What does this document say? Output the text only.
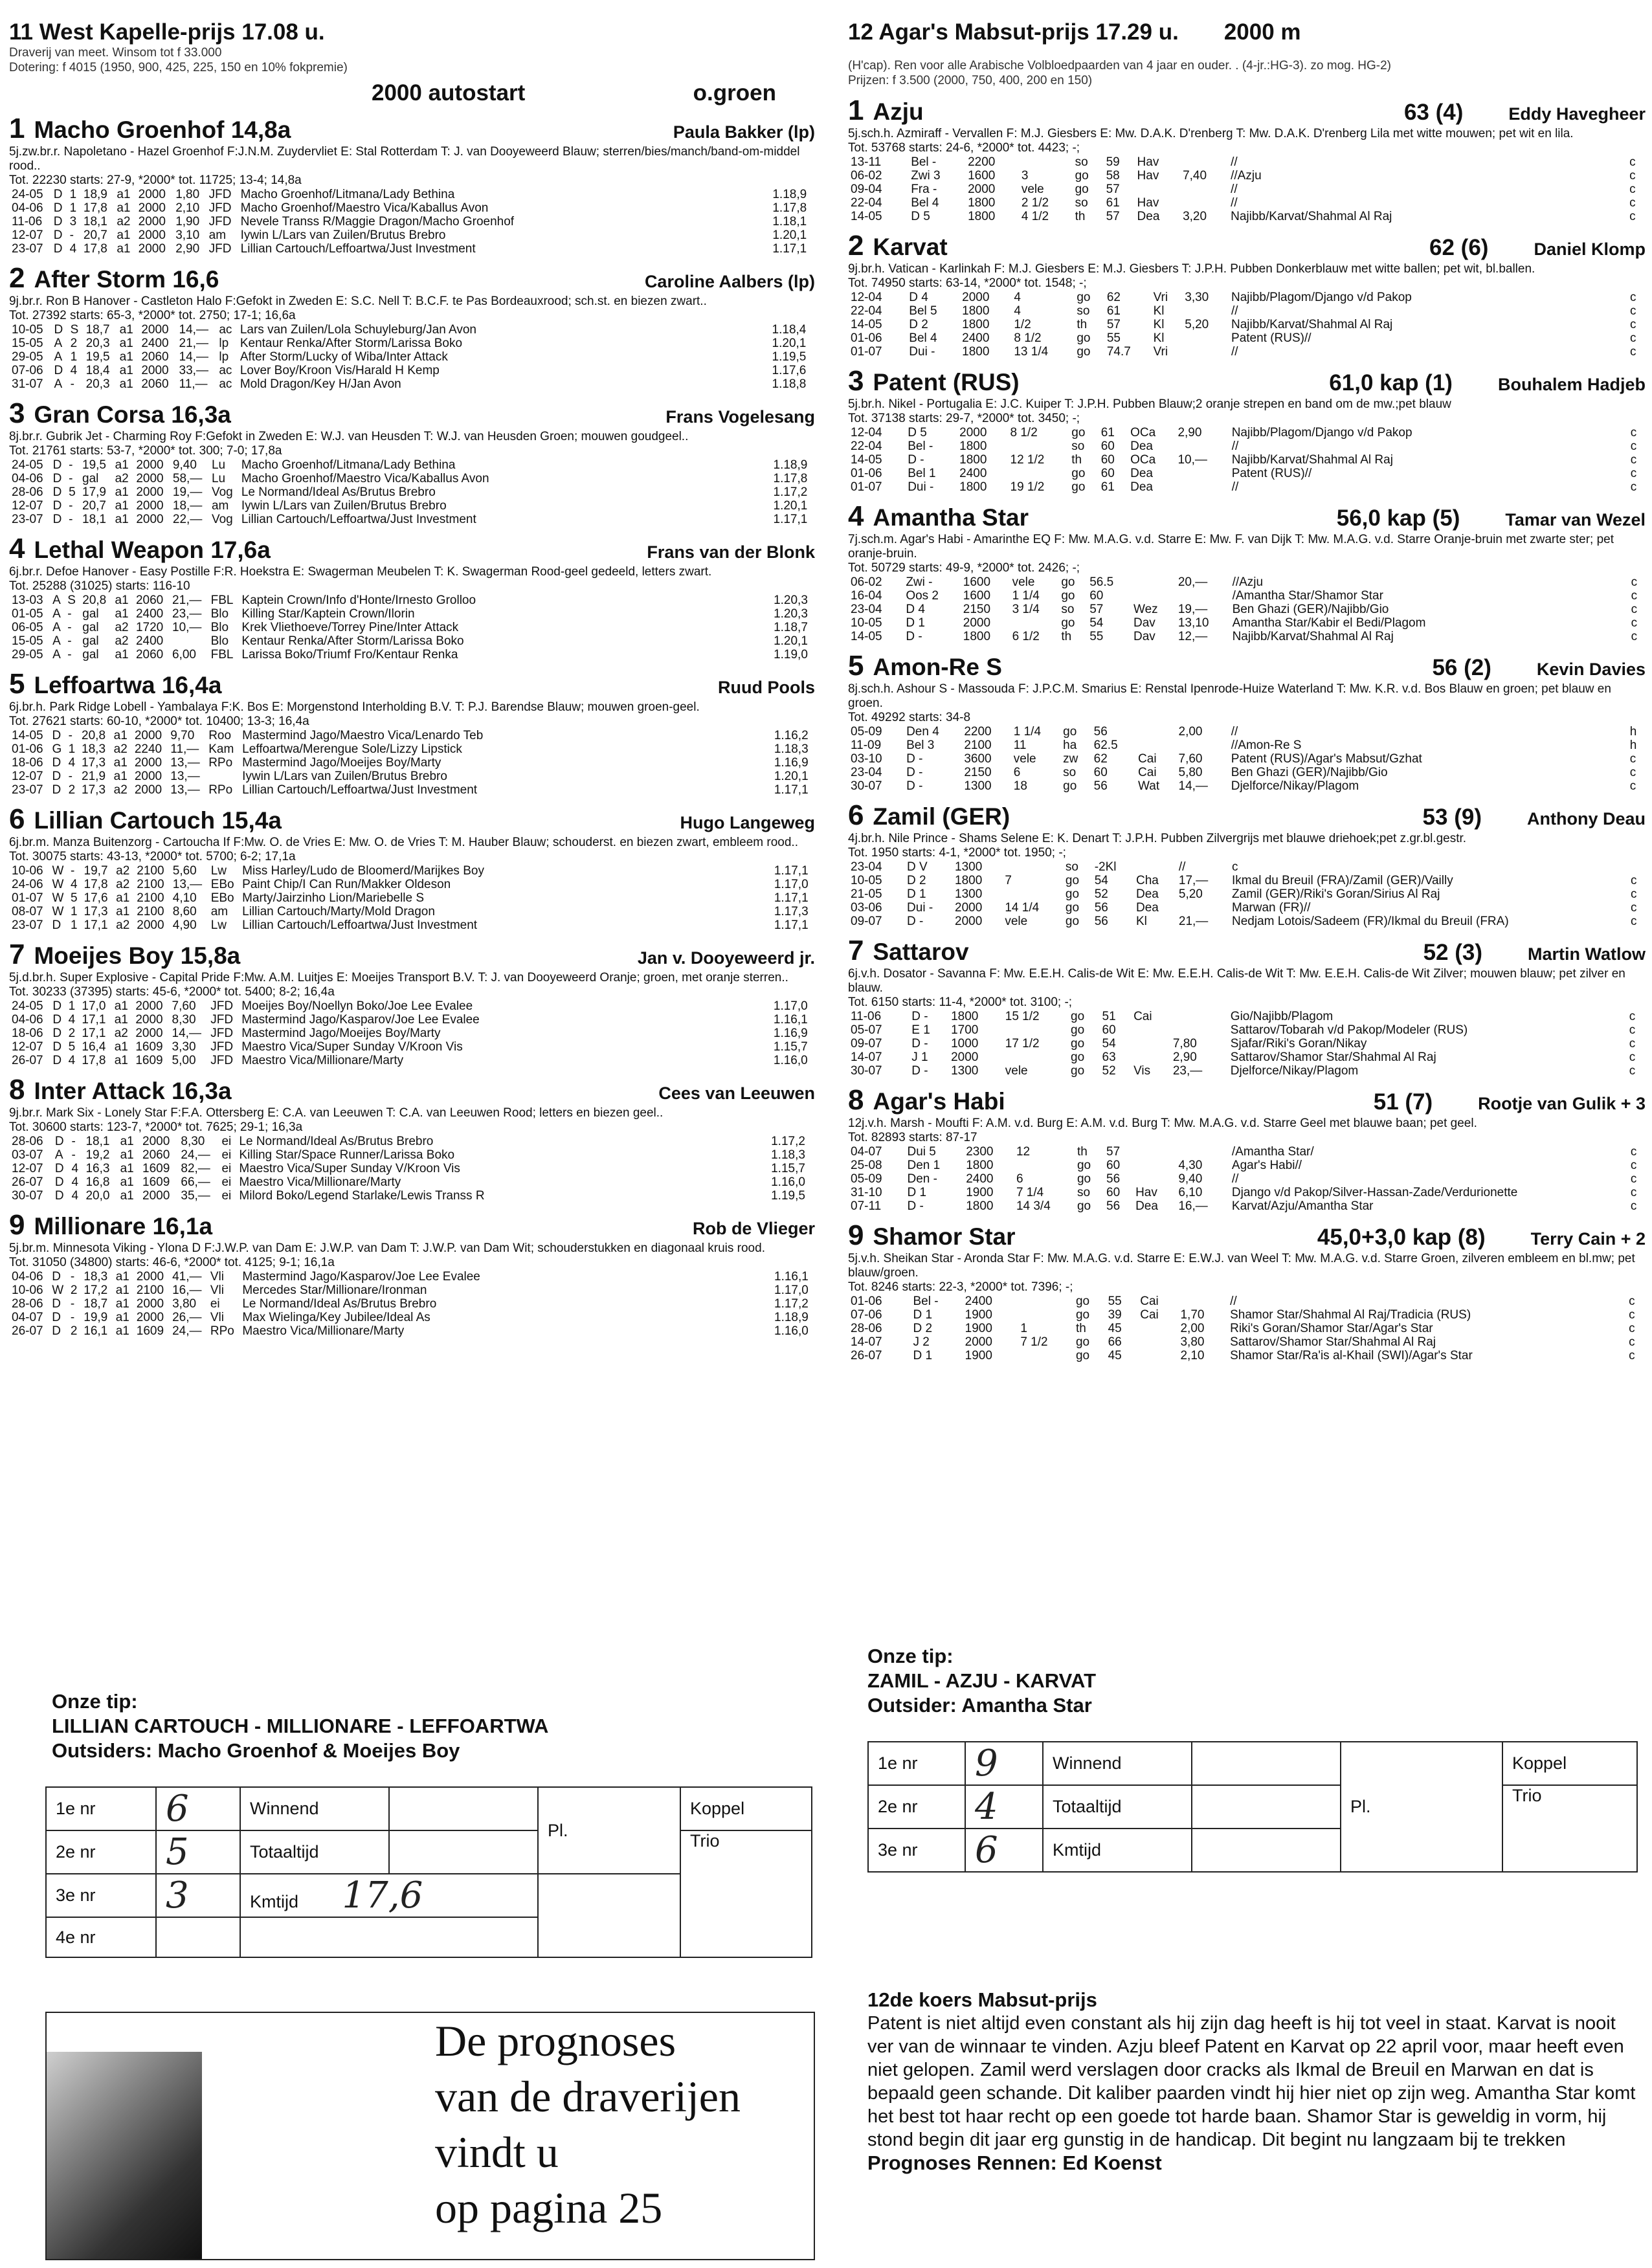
11 West Kapelle-prijs 17.08 u.
Draverij van meet. Winsom tot f 33.000
Dotering: f 4015 (1950, 900, 425, 225, 150 en 10% fokpremie)
2000 autostart	o.groen
1 Macho Groenhof 14,8a	Paula Bakker (lp)
5j.zw.br.r. Napoletano - Hazel Groenhof F:J.N.M. Zuydervliet E: Stal Rotterdam T: J. van Dooyeweerd Blauw; sterren/bies/manch/band-om-middel rood..
Tot. 22230 starts: 27-9, *2000* tot. 11725; 13-4; 14,8a
24-05	D	1	18,9	a1	2000	1,80	JFD	Macho Groenhof/Litmana/Lady Bethina	1.18,9
04-06	D	1	17,8	a1	2000	2,10	JFD	Macho Groenhof/Maestro Vica/Kaballus Avon	1.17,8
11-06	D	3	18,1	a2	2000	1,90	JFD	Nevele Transs R/Maggie Dragon/Macho Groenhof	1.18,1
12-07	D	-	20,7	a1	2000	3,10	am	Iywin L/Lars van Zuilen/Brutus Brebro	1.20,1
23-07	D	4	17,8	a1	2000	2,90	JFD	Lillian Cartouch/Leffoartwa/Just Investment	1.17,1
2 After Storm 16,6	Caroline Aalbers (lp)
9j.br.r. Ron B Hanover - Castleton Halo F:Gefokt in Zweden E: S.C. Nell T: B.C.F. te Pas Bordeauxrood; sch.st. en biezen zwart..
Tot. 27392 starts: 65-3, *2000* tot. 2750; 17-1; 16,6a
10-05	D	S	18,7	a1	2000	14,—	ac	Lars van Zuilen/Lola Schuyleburg/Jan Avon	1.18,4
15-05	A	2	20,3	a1	2400	21,—	lp	Kentaur Renka/After Storm/Larissa Boko	1.20,1
29-05	A	1	19,5	a1	2060	14,—	lp	After Storm/Lucky of Wiba/Inter Attack	1.19,5
07-06	D	4	18,4	a1	2000	33,—	ac	Lover Boy/Kroon Vis/Harald H Kemp	1.17,6
31-07	A	-	20,3	a1	2060	11,—	ac	Mold Dragon/Key H/Jan Avon	1.18,8
3 Gran Corsa 16,3a	Frans Vogelesang
8j.br.r. Gubrik Jet - Charming Roy F:Gefokt in Zweden E: W.J. van Heusden T: W.J. van Heusden Groen; mouwen goudgeel..
Tot. 21761 starts: 53-7, *2000* tot. 300; 7-0; 17,8a
24-05	D	-	19,5	a1	2000	9,40	Lu	Macho Groenhof/Litmana/Lady Bethina	1.18,9
04-06	D	-	gal	a2	2000	58,—	Lu	Macho Groenhof/Maestro Vica/Kaballus Avon	1.17,8
28-06	D	5	17,9	a1	2000	19,—	Vog	Le Normand/Ideal As/Brutus Brebro	1.17,2
12-07	D	-	20,7	a1	2000	18,—	am	Iywin L/Lars van Zuilen/Brutus Brebro	1.20,1
23-07	D	-	18,1	a1	2000	22,—	Vog	Lillian Cartouch/Leffoartwa/Just Investment	1.17,1
4 Lethal Weapon 17,6a	Frans van der Blonk
6j.br.r. Defoe Hanover - Easy Postille F:R. Hoekstra E: Swagerman Meubelen T: K. Swagerman Rood-geel gedeeld, letters zwart.
Tot. 25288 (31025) starts: 116-10
13-03	A	S	20,8	a1	2060	21,—	FBL	Kaptein Crown/Info d'Honte/Irnesto Grolloo	1.20,3
01-05	A	-	gal	a1	2400	23,—	Blo	Killing Star/Kaptein Crown/Ilorin	1.20,3
06-05	A	-	gal	a2	1720	10,—	Blo	Krek Vliethoeve/Torrey Pine/Inter Attack	1.18,7
15-05	A	-	gal	a2	2400		Blo	Kentaur Renka/After Storm/Larissa Boko	1.20,1
29-05	A	-	gal	a1	2060	6,00	FBL	Larissa Boko/Triumf Fro/Kentaur Renka	1.19,0
5 Leffoartwa 16,4a	Ruud Pools
6j.br.h. Park Ridge Lobell - Yambalaya F:K. Bos E: Morgenstond Interholding B.V. T: P.J. Barendse Blauw; mouwen groen-geel.
Tot. 27621 starts: 60-10, *2000* tot. 10400; 13-3; 16,4a
14-05	D	-	20,8	a1	2000	9,70	Roo	Mastermind Jago/Maestro Vica/Lenardo Teb	1.16,2
01-06	G	1	18,3	a2	2240	11,—	Kam	Leffoartwa/Merengue Sole/Lizzy Lipstick	1.18,3
18-06	D	4	17,3	a1	2000	13,—	RPo	Mastermind Jago/Moeijes Boy/Marty	1.16,9
12-07	D	-	21,9	a1	2000	13,—		Iywin L/Lars van Zuilen/Brutus Brebro	1.20,1
23-07	D	2	17,3	a2	2000	13,—	RPo	Lillian Cartouch/Leffoartwa/Just Investment	1.17,1
6 Lillian Cartouch 15,4a	Hugo Langeweg
6j.br.m. Manza Buitenzorg - Cartoucha If F:Mw. O. de Vries E: Mw. O. de Vries T: M. Hauber Blauw; schouderst. en biezen zwart, embleem rood..
Tot. 30075 starts: 43-13, *2000* tot. 5700; 6-2; 17,1a
10-06	W	-	19,7	a2	2100	5,60	Lw	Miss Harley/Ludo de Bloomerd/Marijkes Boy	1.17,1
24-06	W	4	17,8	a2	2100	13,—	EBo	Paint Chip/I Can Run/Makker Oldeson	1.17,0
01-07	W	5	17,6	a1	2100	4,10	EBo	Marty/Jairzinho Lion/Mariebelle S	1.17,1
08-07	W	1	17,3	a1	2100	8,60	am	Lillian Cartouch/Marty/Mold Dragon	1.17,3
23-07	D	1	17,1	a2	2000	4,90	Lw	Lillian Cartouch/Leffoartwa/Just Investment	1.17,1
7 Moeijes Boy 15,8a	Jan v. Dooyeweerd jr.
5j.d.br.h. Super Explosive - Capital Pride F:Mw. A.M. Luitjes E: Moeijes Transport B.V. T: J. van Dooyeweerd Oranje; groen, met oranje sterren..
Tot. 30233 (37395) starts: 45-6, *2000* tot. 5400; 8-2; 16,4a
24-05	D	1	17,0	a1	2000	7,60	JFD	Moeijes Boy/Noellyn Boko/Joe Lee Evalee	1.17,0
04-06	D	4	17,1	a1	2000	8,30	JFD	Mastermind Jago/Kasparov/Joe Lee Evalee	1.16,1
18-06	D	2	17,1	a2	2000	14,—	JFD	Mastermind Jago/Moeijes Boy/Marty	1.16,9
12-07	D	5	16,4	a1	1609	3,30	JFD	Maestro Vica/Super Sunday V/Kroon Vis	1.15,7
26-07	D	4	17,8	a1	1609	5,00	JFD	Maestro Vica/Millionare/Marty	1.16,0
8 Inter Attack 16,3a	Cees van Leeuwen
9j.br.r. Mark Six - Lonely Star F:F.A. Ottersberg E: C.A. van Leeuwen T: C.A. van Leeuwen Rood; letters en biezen geel..
Tot. 30600 starts: 123-7, *2000* tot. 7625; 29-1; 16,3a
28-06	D	-	18,1	a1	2000	8,30	ei	Le Normand/Ideal As/Brutus Brebro	1.17,2
03-07	A	-	19,2	a1	2060	24,—	ei	Killing Star/Space Runner/Larissa Boko	1.18,3
12-07	D	4	16,3	a1	1609	82,—	ei	Maestro Vica/Super Sunday V/Kroon Vis	1.15,7
26-07	D	4	16,8	a1	1609	66,—	ei	Maestro Vica/Millionare/Marty	1.16,0
30-07	D	4	20,0	a1	2000	35,—	ei	Milord Boko/Legend Starlake/Lewis Transs R	1.19,5
9 Millionare 16,1a	Rob de Vlieger
5j.br.m. Minnesota Viking - Ylona D F:J.W.P. van Dam E: J.W.P. van Dam T: J.W.P. van Dam Wit; schouderstukken en diagonaal kruis rood.
Tot. 31050 (34800) starts: 46-6, *2000* tot. 4125; 9-1; 16,1a
04-06	D	-	18,3	a1	2000	41,—	Vli	Mastermind Jago/Kasparov/Joe Lee Evalee	1.16,1
10-06	W	2	17,2	a1	2100	16,—	Vli	Mercedes Star/Millionare/Ironman	1.17,0
28-06	D	-	18,7	a1	2000	3,80	ei	Le Normand/Ideal As/Brutus Brebro	1.17,2
04-07	D	-	19,9	a1	2000	26,—	Vli	Max Wielinga/Key Jubilee/Ideal As	1.18,9
26-07	D	2	16,1	a1	1609	24,—	RPo	Maestro Vica/Millionare/Marty	1.16,0
Onze tip:
LILLIAN CARTOUCH - MILLIONARE - LEFFOARTWA
Outsiders: Macho Groenhof & Moeijes Boy
1e nr	6	Winnend		Pl.	Koppel
2e nr	5	Totaaltijd			Trio
3e nr	3	Kmtijd 17,6			
4e nr					
12 Agar's Mabsut-prijs 17.29 u. 2000 m
(H'cap). Ren voor alle Arabische Volbloedpaarden van 4 jaar en ouder. . (4-jr.:HG-3). zo mog. HG-2)
Prijzen: f 3.500 (2000, 750, 400, 200 en 150)
1 Azju	63 (4)	Eddy Havegheer
5j.sch.h. Azmiraff - Vervallen F: M.J. Giesbers E: Mw. D.A.K. D'renberg T: Mw. D.A.K. D'renberg Lila met witte mouwen; pet wit en lila.
Tot. 53768 starts: 24-6, *2000* tot. 4423; -;
13-11	Bel -	2200		so	59	Hav		//	c
06-02	Zwi 3	1600	3	go	58	Hav	7,40	//Azju	c
09-04	Fra -	2000	vele	go	57			//	c
22-04	Bel 4	1800	2 1/2	so	61	Hav		//	c
14-05	D 5	1800	4 1/2	th	57	Dea	3,20	Najibb/Karvat/Shahmal Al Raj	c
2 Karvat	62 (6)	Daniel Klomp
9j.br.h. Vatican - Karlinkah F: M.J. Giesbers E: M.J. Giesbers T: J.P.H. Pubben Donkerblauw met witte ballen; pet wit, bl.ballen.
Tot. 74950 starts: 63-14, *2000* tot. 1548; -;
12-04	D 4	2000	4	go	62	Vri	3,30	Najibb/Plagom/Django v/d Pakop	c
22-04	Bel 5	1800	4	so	61	Kl		//	c
14-05	D 2	1800	1/2	th	57	Kl	5,20	Najibb/Karvat/Shahmal Al Raj	c
01-06	Bel 4	2400	8 1/2	go	55	Kl		Patent (RUS)//	c
01-07	Dui -	1800	13 1/4	go	74.7	Vri		//	c
3 Patent (RUS)	61,0 kap (1)	Bouhalem Hadjeb
5j.br.h. Nikel - Portugalia E: J.C. Kuiper T: J.P.H. Pubben Blauw;2 oranje strepen en band om de mw.;pet blauw
Tot. 37138 starts: 29-7, *2000* tot. 3450; -;
12-04	D 5	2000	8 1/2	go	61	OCa	2,90	Najibb/Plagom/Django v/d Pakop	c
22-04	Bel -	1800		so	60	Dea		//	c
14-05	D -	1800	12 1/2	th	60	OCa	10,—	Najibb/Karvat/Shahmal Al Raj	c
01-06	Bel 1	2400		go	60	Dea		Patent (RUS)//	c
01-07	Dui -	1800	19 1/2	go	61	Dea		//	c
4 Amantha Star	56,0 kap (5)	Tamar van Wezel
7j.sch.m. Agar's Habi - Amarinthe EQ F: Mw. M.A.G. v.d. Starre E: Mw. F. van Dijk T: Mw. M.A.G. v.d. Starre Oranje-bruin met zwarte ster; pet oranje-bruin.
Tot. 50729 starts: 49-9, *2000* tot. 2426; -;
06-02	Zwi -	1600	vele	go	56.5		20,—	//Azju	c
16-04	Oos 2	1600	1 1/4	go	60			/Amantha Star/Shamor Star	c
23-04	D 4	2150	3 1/4	so	57	Wez	19,—	Ben Ghazi (GER)/Najibb/Gio	c
10-05	D 1	2000		go	54	Dav	13,10	Amantha Star/Kabir el Bedi/Plagom	c
14-05	D -	1800	6 1/2	th	55	Dav	12,—	Najibb/Karvat/Shahmal Al Raj	c
5 Amon-Re S	56 (2)	Kevin Davies
8j.sch.h. Ashour S - Massouda F: J.P.C.M. Smarius E: Renstal Ipenrode-Huize Waterland T: Mw. K.R. v.d. Bos Blauw en groen; pet blauw en groen.
Tot. 49292 starts: 34-8
05-09	Den 4	2200	1 1/4	go	56		2,00	//	h
11-09	Bel 3	2100	11	ha	62.5			//Amon-Re S	h
03-10	D -	3600	vele	zw	62	Cai	7,60	Patent (RUS)/Agar's Mabsut/Gzhat	c
23-04	D -	2150	6	so	60	Cai	5,80	Ben Ghazi (GER)/Najibb/Gio	c
30-07	D -	1300	18	go	56	Wat	14,—	Djelforce/Nikay/Plagom	c
6 Zamil (GER)	53 (9)	Anthony Deau
4j.br.h. Nile Prince - Shams Selene E: K. Denart T: J.P.H. Pubben Zilvergrijs met blauwe driehoek;pet z.gr.bl.gestr.
Tot. 1950 starts: 4-1, *2000* tot. 1950; -;
23-04	D V	1300		so	-2Kl		//	c	
10-05	D 2	1800	7	go	54	Cha	17,—	Ikmal du Breuil (FRA)/Zamil (GER)/Vailly	c
21-05	D 1	1300		go	52	Dea	5,20	Zamil (GER)/Riki's Goran/Sirius Al Raj	c
03-06	Dui -	2000	14 1/4	go	56	Dea		Marwan (FR)//	c
09-07	D -	2000	vele	go	56	Kl	21,—	Nedjam Lotois/Sadeem (FR)/Ikmal du Breuil (FRA)	c
7 Sattarov	52 (3)	Martin Watlow
6j.v.h. Dosator - Savanna F: Mw. E.E.H. Calis-de Wit E: Mw. E.E.H. Calis-de Wit T: Mw. E.E.H. Calis-de Wit Zilver; mouwen blauw; pet zilver en blauw.
Tot. 6150 starts: 11-4, *2000* tot. 3100; -;
11-06	D -	1800	15 1/2	go	51	Cai		Gio/Najibb/Plagom	c
05-07	E 1	1700		go	60			Sattarov/Tobarah v/d Pakop/Modeler (RUS)	c
09-07	D -	1000	17 1/2	go	54		7,80	Sjafar/Riki's Goran/Nikay	c
14-07	J 1	2000		go	63		2,90	Sattarov/Shamor Star/Shahmal Al Raj	c
30-07	D -	1300	vele	go	52	Vis	23,—	Djelforce/Nikay/Plagom	c
8 Agar's Habi	51 (7)	Rootje van Gulik + 3
12j.v.h. Marsh - Moufti F: A.M. v.d. Burg E: A.M. v.d. Burg T: Mw. M.A.G. v.d. Starre Geel met blauwe baan; pet geel.
Tot. 82893 starts: 87-17
04-07	Dui 5	2300	12	th	57			/Amantha Star/	c
25-08	Den 1	1800		go	60		4,30	Agar's Habi//	c
05-09	Den -	2400	6	go	56		9,40	//	c
31-10	D 1	1900	7 1/4	so	60	Hav	6,10	Django v/d Pakop/Silver-Hassan-Zade/Verdurionette	c
07-11	D -	1800	14 3/4	go	56	Dea	16,—	Karvat/Azju/Amantha Star	c
9 Shamor Star	45,0+3,0 kap (8)	Terry Cain + 2
5j.v.h. Sheikan Star - Aronda Star F: Mw. M.A.G. v.d. Starre E: E.W.J. van Weel T: Mw. M.A.G. v.d. Starre Groen, zilveren embleem en bl.mw; pet blauw/groen.
Tot. 8246 starts: 22-3, *2000* tot. 7396; -;
01-06	Bel -	2400		go	55	Cai		//	c
07-06	D 1	1900		go	39	Cai	1,70	Shamor Star/Shahmal Al Raj/Tradicia (RUS)	c
28-06	D 2	1900	1	th	45		2,00	Riki's Goran/Shamor Star/Agar's Star	c
14-07	J 2	2000	7 1/2	go	66		3,80	Sattarov/Shamor Star/Shahmal Al Raj	c
26-07	D 1	1900		go	45		2,10	Shamor Star/Ra'is al-Khail (SWI)/Agar's Star	c
Onze tip:
ZAMIL - AZJU - KARVAT
Outsider: Amantha Star
1e nr	9	Winnend		Pl.	Koppel
2e nr	4	Totaaltijd			Trio
3e nr	6	Kmtijd			
De prognoses
van de draverijen
vindt u
op pagina 25
12de koers Mabsut-prijs
Patent is niet altijd even constant als hij zijn dag heeft is hij tot veel in staat. Karvat is nooit ver van de winnaar te vinden. Azju bleef Patent en Karvat op 22 april voor, maar heeft even niet gelopen. Zamil werd verslagen door cracks als Ikmal de Breuil en Marwan en dat is bepaald geen schande. Dit kaliber paarden vindt hij hier niet op zijn weg. Amantha Star komt het best tot haar recht op een goede tot harde baan. Shamor Star is geweldig in vorm, hij stond begin dit jaar erg gunstig in de handicap. Dit begint nu langzaam bij te trekken
Prognoses Rennen: Ed Koenst
